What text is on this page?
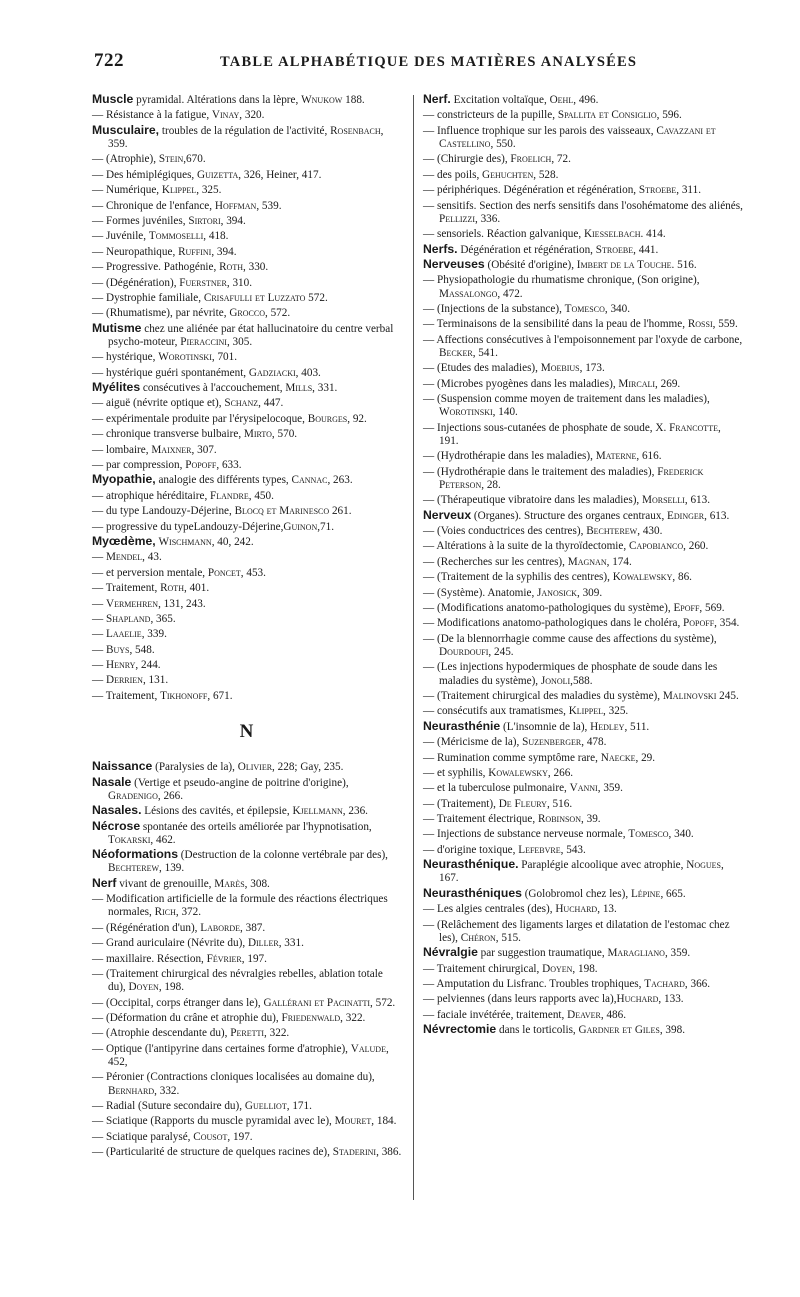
722	TABLE ALPHABÉTIQUE DES MATIÈRES ANALYSÉES
Muscle pyramidal. Altérations dans la lèpre, Wnukow 188.
— Résistance à la fatigue, Vinay, 320.
Musculaire, troubles de la régulation de l'activité, Rosenbach, 359.
— (Atrophie), Stein,670.
— Des hémiplégiques, Guizetta, 326, Heiner, 417.
— Numérique, Klippel, 325.
— Chronique de l'enfance, Hoffman, 539.
— Formes juvéniles, Sirtori, 394.
— Juvénile, Tommoselli, 418.
— Neuropathique, Ruffini, 394.
— Progressive. Pathogénie, Roth, 330.
— (Dégénération), Fuerstner, 310.
— Dystrophie familiale, Crisafulli et Luzzato 572.
— (Rhumatisme), par névrite, Grocco, 572.
Mutisme chez une aliénée par état hallucinatoire du centre verbal psycho-moteur, Pieraccini, 305.
— hystérique, Worotinski, 701.
— hystérique guéri spontanément, Gadziacki, 403.
Myélites consécutives à l'accouchement, Mills, 331.
— aiguë (névrite optique et), Schanz, 447.
— expérimentale produite par l'érysipelocoque, Bourges, 92.
— chronique transverse bulbaire, Mirto, 570.
— lombaire, Maixner, 307.
— par compression, Popoff, 633.
Myopathie, analogie des différents types, Cannac, 263.
— atrophique héréditaire, Flandre, 450.
— du type Landouzy-Déjerine, Blocq et Marinesco 261.
— progressive du typeLandouzy-Déjerine,Guinon,71.
Myœdème, Wischmann, 40, 242.
— Mendel, 43.
— et perversion mentale, Poncet, 453.
— Traitement, Roth, 401.
— Vermehren, 131, 243.
— Shapland, 365.
— Laaelie, 339.
— Buys, 548.
— Henry, 244.
— Derrien, 131.
— Traitement, Tikhonoff, 671.
N
Naissance (Paralysies de la), Olivier, 228; Gay, 235.
Nasale (Vertige et pseudo-angine de poitrine d'origine), Gradenigo, 266.
Nasales. Lésions des cavités, et épilepsie, Kjellmann, 236.
Nécrose spontanée des orteils améliorée par l'hypnotisation, Tokarski, 462.
Néoformations (Destruction de la colonne vertébrale par des), Bechterew, 139.
Nerf vivant de grenouille, Marès, 308.
— Modification artificielle de la formule des réactions électriques normales, Rich, 372.
— (Régénération d'un), Laborde, 387.
— Grand auriculaire (Névrite du), Diller, 331.
— maxillaire. Résection, Février, 197.
— (Traitement chirurgical des névralgies rebelles, ablation totale du), Doyen, 198.
— (Occipital, corps étranger dans le), Gallérani et Pacinatti, 572.
— (Déformation du crâne et atrophie du), Friedenwald, 322.
— (Atrophie descendante du), Peretti, 322.
— Optique (l'antipyrine dans certaines forme d'atrophie), Valude, 452,
— Péronier (Contractions cloniques localisées au domaine du), Bernhard, 332.
— Radial (Suture secondaire du), Guelliot, 171.
— Sciatique (Rapports du muscle pyramidal avec le), Mouret, 184.
— Sciatique paralysé, Cousot, 197.
— (Particularité de structure de quelques racines de), Staderini, 386.
Nerf. Excitation voltaïque, Oehl, 496.
— constricteurs de la pupille, Spallita et Consiglio, 596.
— Influence trophique sur les parois des vaisseaux, Cavazzani et Castellino, 550.
— (Chirurgie des), Froelich, 72.
— des poils, Gehuchten, 528.
— périphériques. Dégénération et régénération, Stroebe, 311.
— sensitifs. Section des nerfs sensitifs dans l'osohématome des aliénés, Pellizzi, 336.
— sensoriels. Réaction galvanique, Kiesselbach. 414.
Nerfs. Dégénération et régénération, Stroebe, 441.
Nerveuses (Obésité d'origine), Imbert de la Touche. 516.
— Physiopathologie du rhumatisme chronique, (Son origine), Massalongo, 472.
— (Injections de la substance), Tomesco, 340.
— Terminaisons de la sensibilité dans la peau de l'homme, Rossi, 559.
— Affections consécutives à l'empoisonnement par l'oxyde de carbone, Becker, 541.
— (Etudes des maladies), Moebius, 173.
— (Microbes pyogènes dans les maladies), Mircali, 269.
— (Suspension comme moyen de traitement dans les maladies), Worotinski, 140.
— Injections sous-cutanées de phosphate de soude, X. Francotte, 191.
— (Hydrothérapie dans les maladies), Materne, 616.
— (Hydrothérapie dans le traitement des maladies), Frederick Peterson, 28.
— (Thérapeutique vibratoire dans les maladies), Morselli, 613.
Nerveux (Organes). Structure des organes centraux, Edinger, 613.
— (Voies conductrices des centres), Bechterew, 430.
— Altérations à la suite de la thyroïdectomie, Capobianco, 260.
— (Recherches sur les centres), Magnan, 174.
— (Traitement de la syphilis des centres), Kowalewsky, 86.
— (Système). Anatomie, Janosick, 309.
— (Modifications anatomo-pathologiques du système), Epoff, 569.
— Modifications anatomo-pathologiques dans le choléra, Popoff, 354.
— (De la blennorrhagie comme cause des affections du système), Dourdoufi, 245.
— (Les injections hypodermiques de phosphate de soude dans les maladies du système), Jonoli,588.
— (Traitement chirurgical des maladies du système), Malinovski 245.
— consécutifs aux tramatismes, Klippel, 325.
Neurasthénie (L'insomnie de la), Hedley, 511.
— (Méricisme de la), Suzenberger, 478.
— Rumination comme symptôme rare, Naecke, 29.
— et syphilis, Kowalewsky, 266.
— et la tuberculose pulmonaire, Vanni, 359.
— (Traitement), De Fleury, 516.
— Traitement électrique, Robinson, 39.
— Injections de substance nerveuse normale, Tomesco, 340.
— d'origine toxique, Lefebvre, 543.
Neurasthénique. Paraplégie alcoolique avec atrophie, Nogues, 167.
Neurasthéniques (Golobromol chez les), Lépine, 665.
— Les algies centrales (des), Huchard, 13.
— (Relâchement des ligaments larges et dilatation de l'estomac chez les), Chéron, 515.
Névralgie par suggestion traumatique, Maragliano, 359.
— Traitement chirurgical, Doyen, 198.
— Amputation du Lisfranc. Troubles trophiques, Tachard, 366.
— pelviennes (dans leurs rapports avec la),Huchard, 133.
— faciale invétérée, traitement, Deaver, 486.
Névrectomie dans le torticolis, Gardner et Giles, 398.
